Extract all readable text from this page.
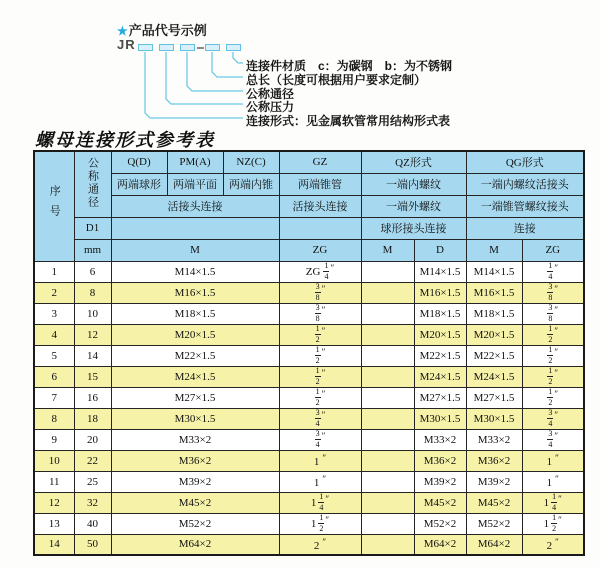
★产品代号示例
JR
连接件材质　c：为碳钢　b：为不锈钢
总长（长度可根据用户要求定制）
公称通径
公称压力
连接形式：见金属软管常用结构形式表
螺母连接形式参考表
序号	公称通径	Q(D)	PM(A)	NZ(C)	GZ	QZ形式		QG形式	
		两端球形	两端平面	两端内锥	两端锥管	一端内螺纹		一端内螺纹活接头	
		活接头连接			活接头连接	一端外螺纹		一端锥管螺纹接头	
	D1					球形接头连接		连接	
	mm	M			ZG	M	D	M	ZG
1	6	M14×1.5			ZG $\frac{1}{4} ''$		M14×1.5	M14×1.5	$\frac{1}{4} ''$
2	8	M16×1.5			$\frac{3}{8} ''$		M16×1.5	M16×1.5	$\frac{3}{8} ''$
3	10	M18×1.5			$\frac{3}{8} ''$		M18×1.5	M18×1.5	$\frac{3}{8} ''$
4	12	M20×1.5			$\frac{1}{2} ''$		M20×1.5	M20×1.5	$\frac{1}{2} ''$
5	14	M22×1.5			$\frac{1}{2} ''$		M22×1.5	M22×1.5	$\frac{1}{2} ''$
6	15	M24×1.5			$\frac{1}{2} ''$		M24×1.5	M24×1.5	$\frac{1}{2} ''$
7	16	M27×1.5			$\frac{1}{2} ''$		M27×1.5	M27×1.5	$\frac{1}{2} ''$
8	18	M30×1.5			$\frac{3}{4} ''$		M30×1.5	M30×1.5	$\frac{3}{4} ''$
9	20	M33×2			$\frac{3}{4} ''$		M33×2	M33×2	$\frac{3}{4} ''$
10	22	M36×2			1 ″		M36×2	M36×2	1 ″
11	25	M39×2			1 ″		M39×2	M39×2	1 ″
12	32	M45×2			$1 \frac{1}{4} ''$		M45×2	M45×2	$1 \frac{1}{4} ''$
13	40	M52×2			$1 \frac{1}{2} ''$		M52×2	M52×2	$1 \frac{1}{2} ''$
14	50	M64×2			2 ″		M64×2	M64×2	2 ″
